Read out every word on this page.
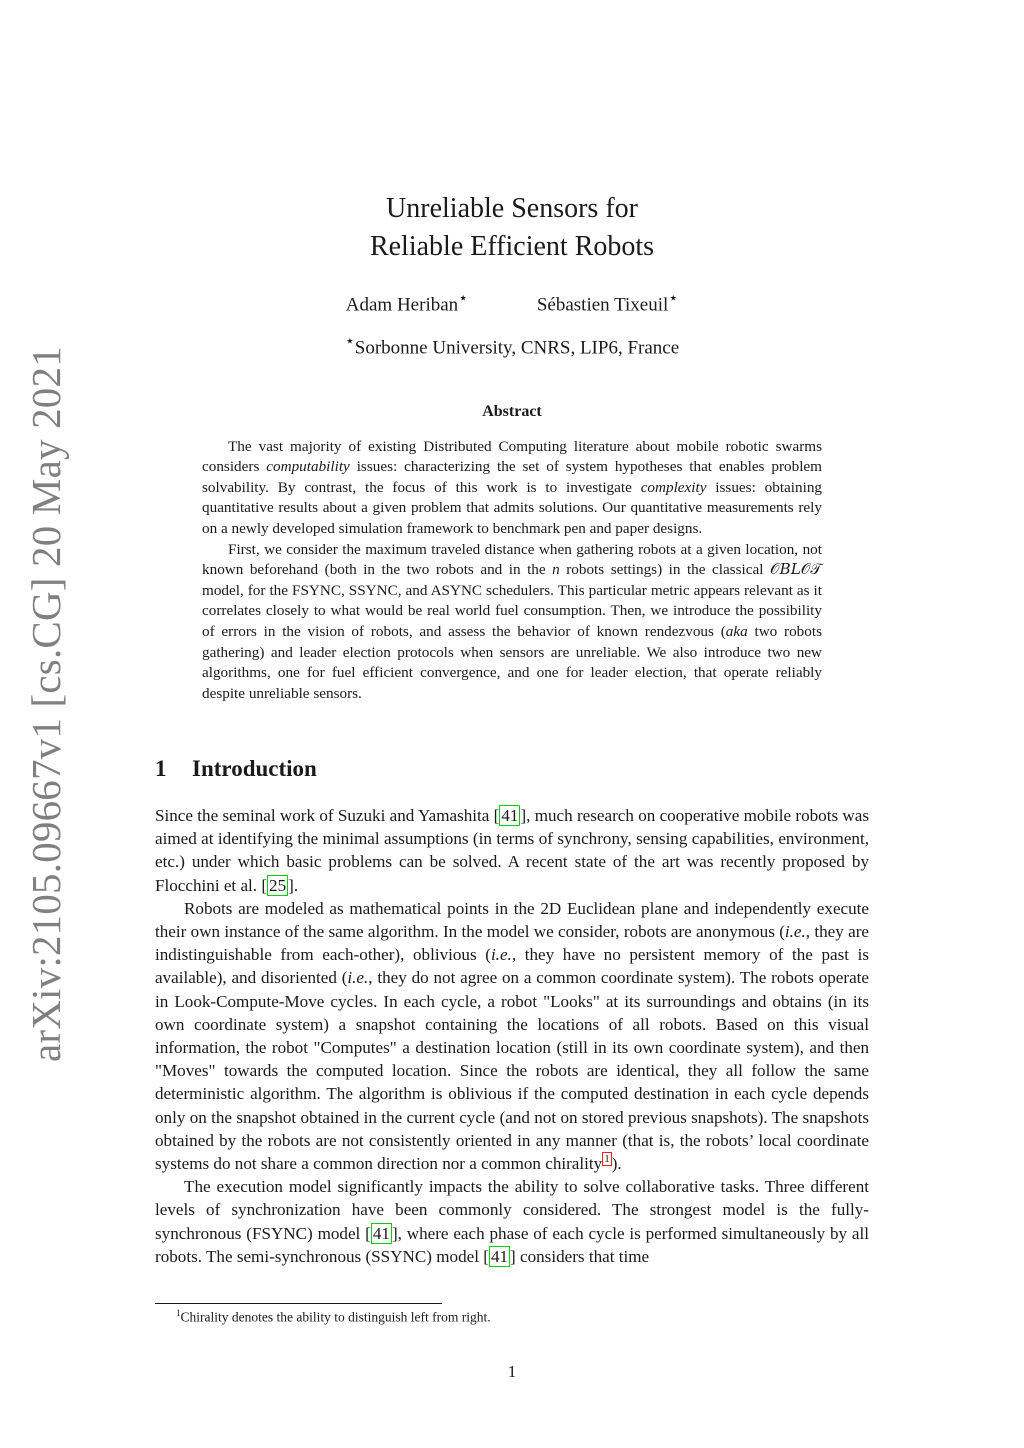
arXiv:2105.09667v1 [cs.CG] 20 May 2021
Unreliable Sensors for
Reliable Efficient Robots
Adam Heriban⋆	Sébastien Tixeuil⋆
⋆Sorbonne University, CNRS, LIP6, France
Abstract

The vast majority of existing Distributed Computing literature about mobile robotic swarms considers computability issues: characterizing the set of system hypotheses that enables problem solvability. By contrast, the focus of this work is to investigate complexity issues: obtaining quantitative results about a given problem that admits solutions. Our quantitative measurements rely on a newly developed simulation framework to benchmark pen and paper designs.

First, we consider the maximum traveled distance when gathering robots at a given location, not known beforehand (both in the two robots and in the n robots settings) in the classical 𝒪𝐵𝐿𝒪𝒯 model, for the FSYNC, SSYNC, and ASYNC schedulers. This particular metric appears relevant as it correlates closely to what would be real world fuel consumption. Then, we introduce the possibility of errors in the vision of robots, and assess the behavior of known rendezvous (aka two robots gathering) and leader election protocols when sensors are unreliable. We also introduce two new algorithms, one for fuel efficient convergence, and one for leader election, that operate reliably despite unreliable sensors.

1 Introduction

Since the seminal work of Suzuki and Yamashita [ 41 ], much research on cooperative mobile robots was aimed at identifying the minimal assumptions (in terms of synchrony, sensing capabilities, environment, etc.) under which basic problems can be solved. A recent state of the art was recently proposed by Flocchini et al. [ 25 ].

Robots are modeled as mathematical points in the 2D Euclidean plane and independently execute their own instance of the same algorithm. In the model we consider, robots are anonymous (i.e., they are indistinguishable from each-other), oblivious (i.e., they have no persistent memory of the past is available), and disoriented (i.e., they do not agree on a common coordinate system). The robots operate in Look-Compute-Move cycles. In each cycle, a robot "Looks" at its surroundings and obtains (in its own coordinate system) a snapshot containing the locations of all robots. Based on this visual information, the robot "Computes" a destination location (still in its own coordinate system), and then "Moves" towards the computed location. Since the robots are identical, they all follow the same deterministic algorithm. The algorithm is oblivious if the computed destination in each cycle depends only on the snapshot obtained in the current cycle (and not on stored previous snapshots). The snapshots obtained by the robots are not consistently oriented in any manner (that is, the robots’ local coordinate systems do not share a common direction nor a common chirality $^1$ ).

The execution model significantly impacts the ability to solve collaborative tasks. Three different levels of synchronization have been commonly considered. The strongest model is the fully-synchronous (FSYNC) model [ 41 ], where each phase of each cycle is performed simultaneously by all robots. The semi-synchronous (SSYNC) model [ 41 ] considers that time

$^1$Chirality denotes the ability to distinguish left from right.
1
